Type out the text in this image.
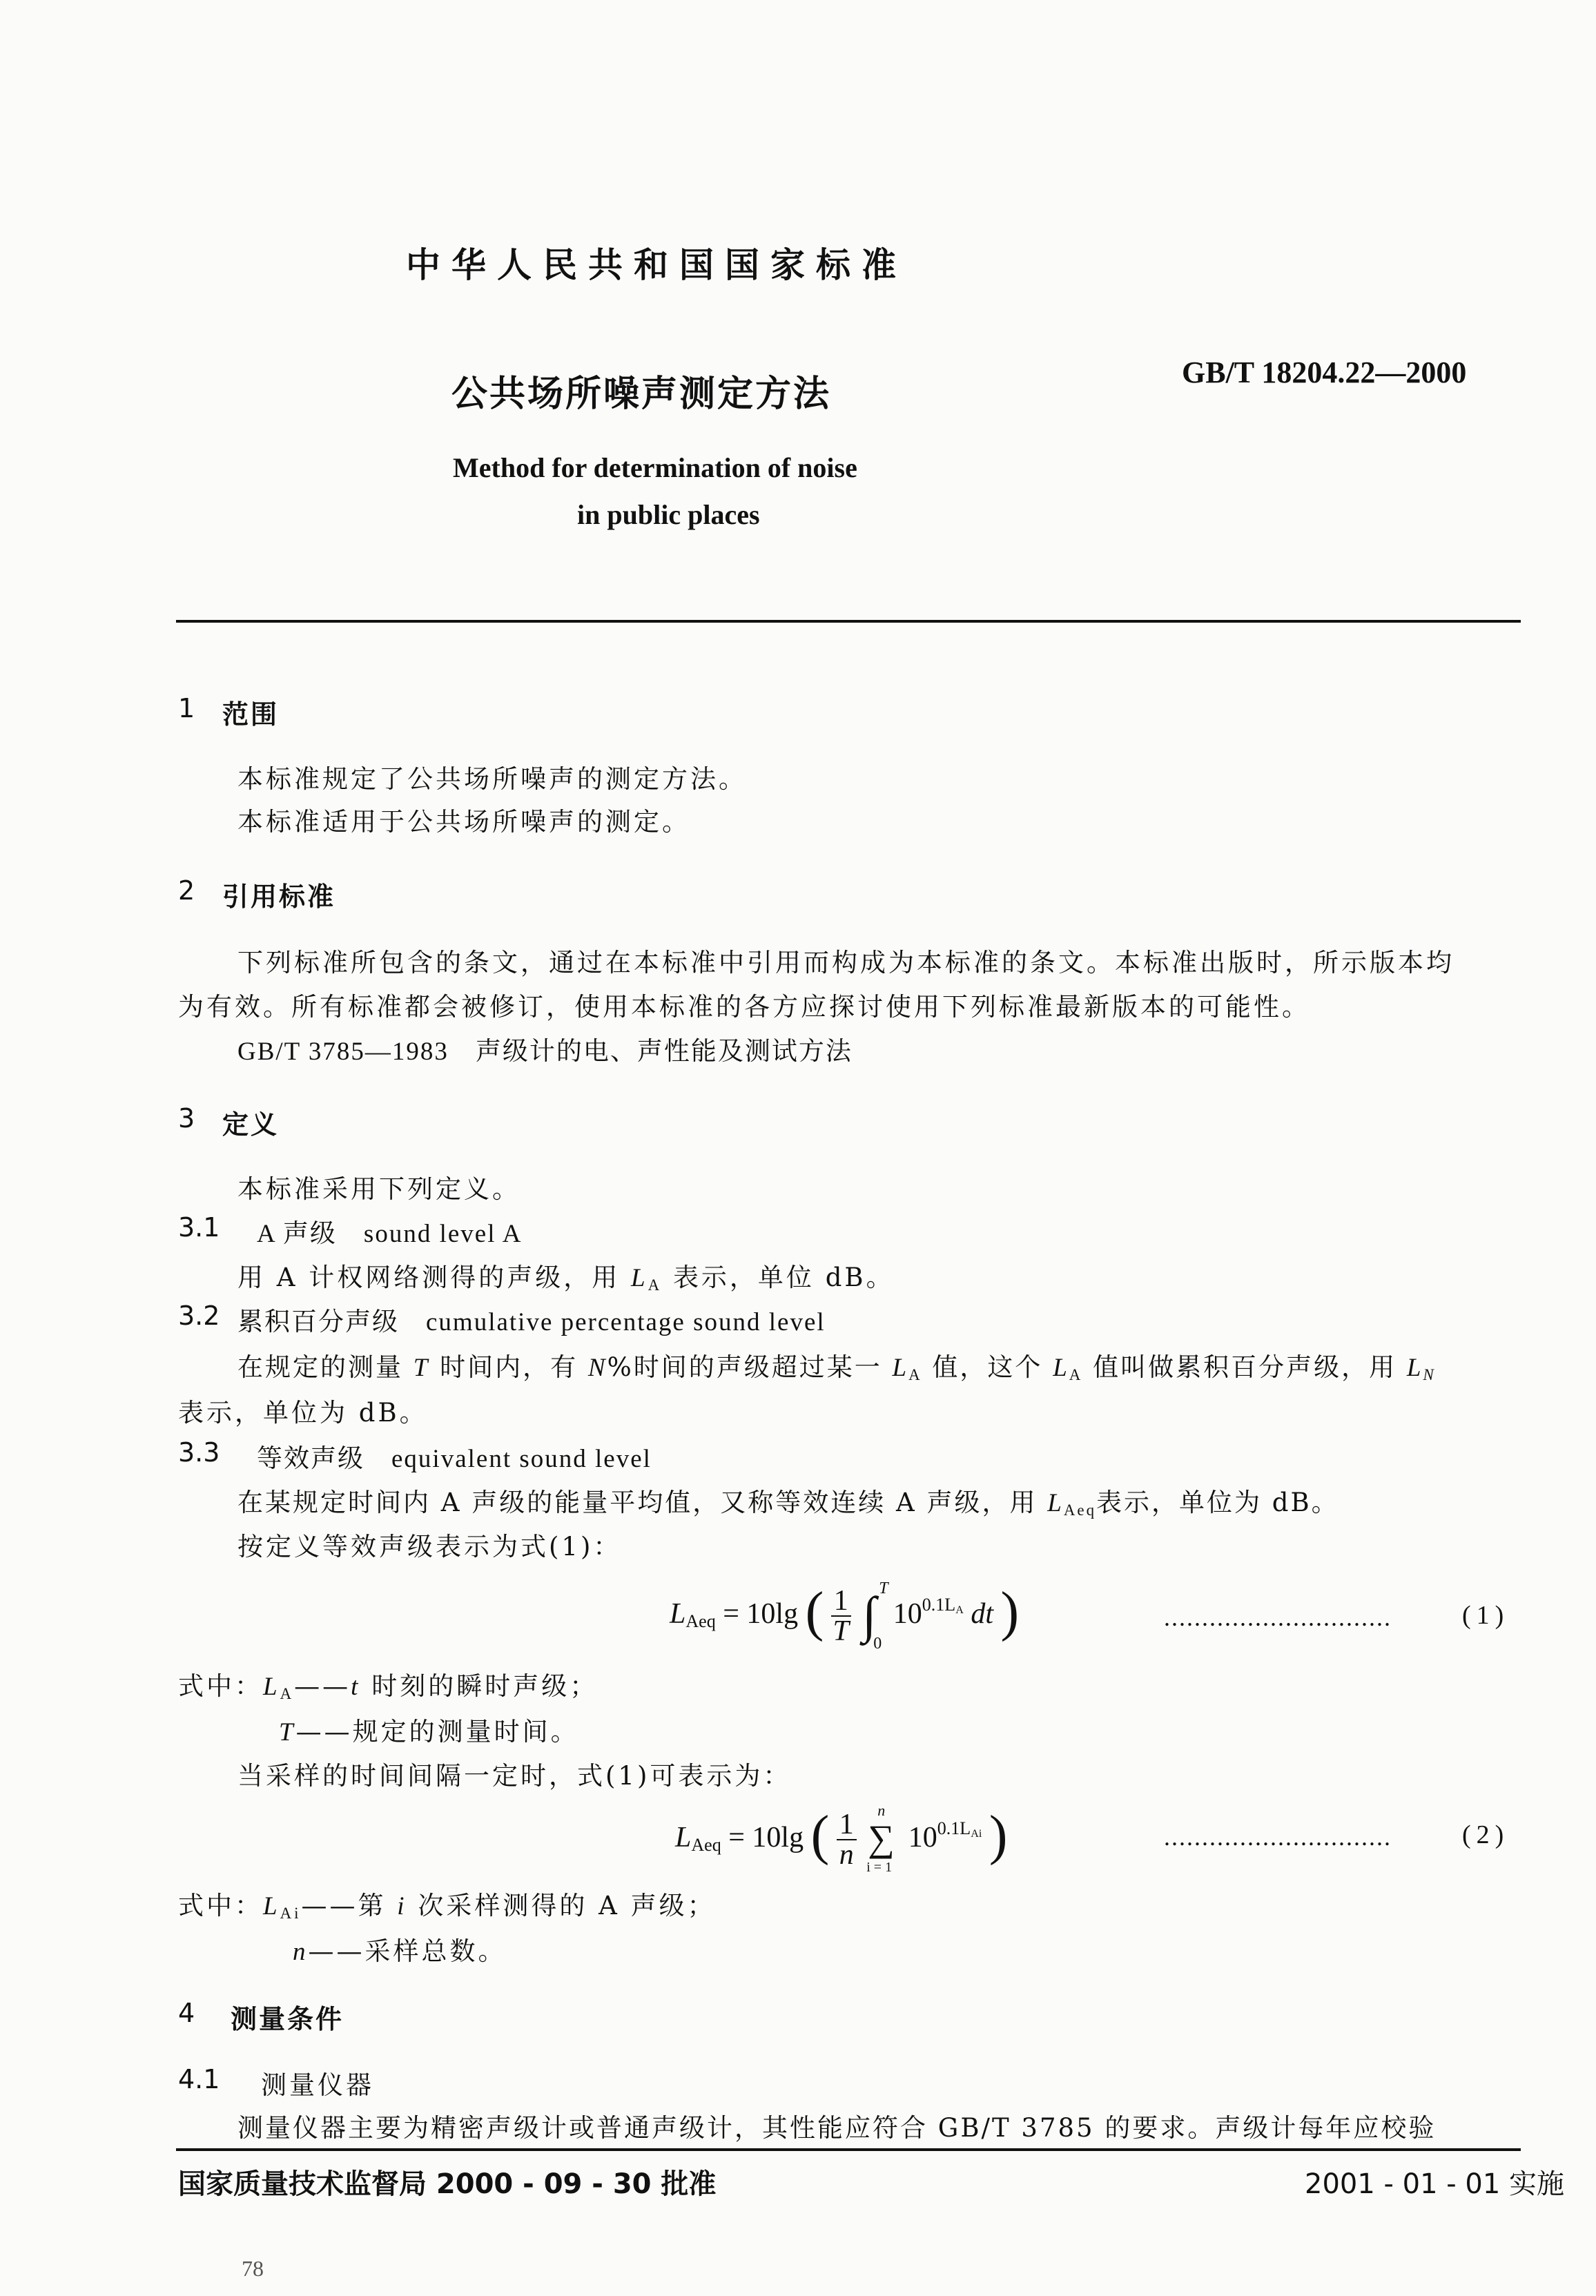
中华人民共和国国家标准
公共场所噪声测定方法
GB/T 18204.22—2000
Method for determination of noise
in public places
1 范围
本标准规定了公共场所噪声的测定方法。
本标准适用于公共场所噪声的测定。
2 引用标准
下列标准所包含的条文，通过在本标准中引用而构成为本标准的条文。本标准出版时，所示版本均
为有效。所有标准都会被修订，使用本标准的各方应探讨使用下列标准最新版本的可能性。
GB/T 3785—1983　声级计的电、声性能及测试方法
3 定义
本标准采用下列定义。
3.1 A 声级　sound level A
用 A 计权网络测得的声级，用 $L_A$ 表示，单位 dB。
3.2 累积百分声级　cumulative percentage sound level
在规定的测量 T 时间内，有 N%时间的声级超过某一 $L_A$ 值，这个 $L_A$ 值叫做累积百分声级，用 $L_N$
表示，单位为 dB。
3.3 等效声级　equivalent sound level
在某规定时间内 A 声级的能量平均值，又称等效连续 A 声级，用 $L_{Aeq}$表示，单位为 dB。
按定义等效声级表示为式(1)：
$L_{Aeq} = 10\lg$ ( $\frac{1}{T}$
∫ T
0
$10^{0.1L_A}$ dt )	..............................	(1)
式中：$L_A——t$ 时刻的瞬时声级；
T——规定的测量时间。
当采样的时间间隔一定时，式(1)可表示为：
$L_{Aeq} = 10\lg$ ( $\frac{1}{n}$
n
∑
i = 1
$10^{0.1L_{Ai}}$ )	..............................	(2)
式中：$L_{Ai}——$第 i 次采样测得的 A 声级；
n——采样总数。
4 测量条件
4.1 测量仪器
测量仪器主要为精密声级计或普通声级计，其性能应符合 GB/T 3785 的要求。声级计每年应校验
国家质量技术监督局 2000 - 09 - 30 批准	2001 - 01 - 01 实施
78
